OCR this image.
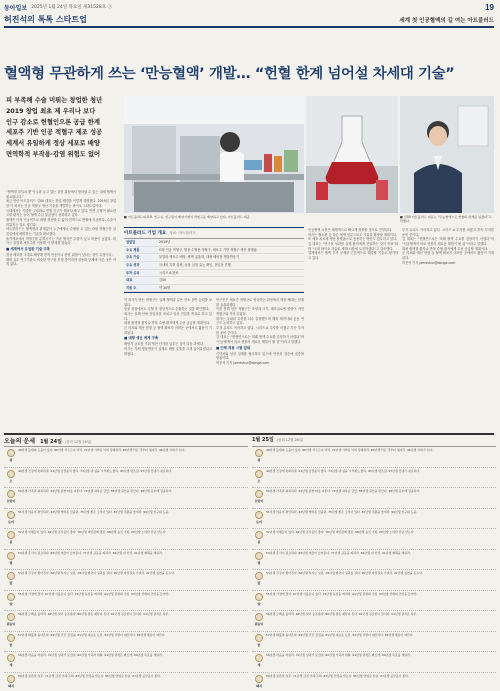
동아일보 2025년 1월 24일 목요일 제31528호 ⓐ	19
허진석의 톡톡 스타트업	세계 첫 인공혈액의 길 여는 아트블러드
혈액형 무관하게 쓰는 ‘만능혈액’ 개발… “헌혈 한계 넘어설 차세대 기술”

피 부족해 수술 미뤄는 창업한 청년

2019 창업 최초 제 우리나 보다

인구 감소로 헌혈인으론 공급 한계

세포주 기반 인공 적혈구 제조 성공

세계서 유일하게 정상 세포로 배양

면역학적 부작용·감염 위험도 없어

“혈액형 불일치 뿐 아니라 늘고 있는 감염 위험에서 벗어날 수 있는 대체 혈액이 필요합니다.”

최근 만난 아트블러드 김00 대표는 창업 배경을 이렇게 설명했다. 2019년 창업한 이 회사는 인공 적혈구 생산 기술을 개발하는 바이오 스타트업이다.

국내에서는 저출산·고령화로 헌혈 인구가 해마다 줄고 있다. 반면 수혈이 필요한 고령 환자는 늘어 혈액 수급 불균형이 심화되고 있다.

혈액은 아직 인공적으로 대량 생산할 수 없어 전적으로 헌혈에 의존한다. 수술이 미뤄지는 일도 생긴다.

아트블러드는 혈액형과 관계없이 누구에게나 수혈할 수 있는 O형 적혈구를 실험실에서 배양하는 기술을 확보했다.

줄기세포에서 적혈구를 분화시키는 기존 방식은 수율이 낮고 비용이 높았다. 회사는 불멸화 세포주를 이용해 이 한계를 넘었다.

■ 세계에서 유일한 기술 주목

정상 세포를 그대로 배양해 면역 반응이나 종양 위험이 낮다는 점이 특징이다.

해외 유수 연구기관도 비슷한 연구를 진행 중이지만 상용화 단계에 이른 곳은 아직 없다.

■ 아트블러드의 O.R. 연구실. 연구원이 배양기에서 적혈구를 배양하고 있다. 아트블러드 제공	■ 김00 아트블러드 대표는 “만능혈액으로 헌혈의 한계를 넘겠다”고 말했다.
아트블러드 기업 개요 자료: 아트블러드
설립일	2019년
주요 제품	O형 인공 적혈구, 범용 수혈용 적혈구, 세포주 기반 적혈구 생산 플랫폼
주요 기술	불멸화 세포주 배양, 탈핵 효율화, 대량 배양용 생물반응기
주요 성과	국내외 특허 출원, 동물 실험 효능 확인, 전임상 진행
투자 유치	시리즈 A 완료
대표	김00
직원 수	약 20명

이 회사가 만든 적혈구는 실제 혈액과 같은 산소 운반 능력을 보였다.

동물 실험에서도 수혈 후 정상적으로 순환하는 것을 확인했다.

회사는 올해 안에 전임상을 마치고 임상 진입을 목표로 하고 있다.

희귀 혈액형 환자나 반복 수혈 환자에게 우선 공급할 계획이다.

군 의료와 재난 현장 등 혈액 확보가 어려운 곳에서도 활용이 기대된다.

■ 대량 생산 체계 구축

배양기 규모를 키워 생산 단가를 낮추는 것이 다음 과제다.

회사는 자체 생물반응기 설계로 배양 효율을 크게 끌어올렸다고 밝혔다.

연구진은 세포가 적혈구로 성숙하는 과정에서 핵을 빼내는 단계를 효율화했다.

이를 통해 얻은 적혈구는 모양과 크기, 헤모글로빈 함량이 자연 적혈구와 거의 같았다.

회사는 국내외 특허를 다수 출원했으며 해외 제약사와 공동 연구도 논의하고 있다.

투자 유치도 이어지고 있다. 시리즈 A 투자를 마쳤고 후속 투자를 준비 중이다.

김 대표는 “헌혈만으로는 미래 혈액 수요를 감당하기 어렵다”며 “인공혈액이 의료 현장의 새로운 해법이 될 것”이라고 말했다.

■ 인체 적용 시험 앞둬

식약처와 임상 설계를 협의하고 있으며 안전성 검증에 집중할 방침이다.

허진석 기자 jameshur@donga.com

인공혈액 시장은 세계적으로 빠르게 성장할 것으로 전망된다.

회사는 혈소판 등 다른 혈액 성분으로도 기술을 확장할 계획이다.

또 세포 치료제 생산 플랫폼으로 응용하는 방안도 검토하고 있다.

김 대표는 “연구실 성과를 실제 환자에게 전달하는 것이 목표”라며 “국내 바이오 기술로 세계 시장에 도전하겠다”고 강조했다.

업계에서는 혈액 부족 문제를 근본적으로 해결할 기술로 평가하고 있다.

투자 유치도 이어지고 있다. 시리즈 A 투자를 마쳤고 후속 투자를 준비 중이다.

김 대표는 “헌혈만으로는 미래 혈액 수요를 감당하기 어렵다”며 “인공혈액이 의료 현장의 새로운 해법이 될 것”이라고 말했다.

희귀 혈액형 환자나 반복 수혈 환자에게 우선 공급할 계획이다.

군 의료와 재난 현장 등 혈액 확보가 어려운 곳에서도 활용이 기대된다.

허진석 기자 jameshur@donga.com

오늘의 운세 1월 24일 (음력 12월 25일)
쥐
48년생 뜻밖의 도움이 있다. 60년생 서두르지 마라. 72년생 가까운 이와 상의하라. 84년생 작은 것부터 챙겨라. 96년생 기회가 온다.
소
49년생 건강에 유의하라. 61년생 금전운이 좋다. 73년생 새 일을 시작해도 좋다. 85년생 말조심. 97년생 인내가 필요하다.
호랑이
50년생 가족과 화목하다. 62년생 뜻한 바를 이룬다. 74년생 과욕은 금물. 86년생 귀인을 만난다. 98년생 공부에 집중하라.
토끼
51년생 마음이 편안하다. 63년생 계약은 신중히. 75년생 좋은 소식이 있다. 87년생 지출을 줄여라. 99년생 친구의 도움.
용
52년생 여행운이 있다. 64년생 문서운이 좋다. 76년생 대인관계 원만. 88년생 승진 기회. 00년생 노력한 만큼 얻는다.
뱀
53년생 휴식이 필요하다. 65년생 재물이 들어온다. 77년생 갈등을 피하라. 89년생 새 인연. 01년생 계획을 세워라.
말
54년생 건강이 좋아진다. 66년생 투자는 보류. 78년생 협력이 성과를 낸다. 90년생 자신감을 가져라. 02년생 칭찬을 듣는다.
양
55년생 가정에 경사. 67년생 이동운이 있다. 79년생 욕심을 버려라. 91년생 뜻밖의 수입. 03년생 선배의 조언을 들어라.
원숭이
56년생 오해를 풀어라. 68년생 일이 순조롭다. 80년생 좋은 제안이 온다. 92년생 꾸준함이 답이다. 04년생 즐거운 하루.
닭
57년생 베풀면 돌아온다. 69년생 건강 검진을. 81년생 새로운 도전. 93년생 사람이 재산이다. 05년생 행운이 따른다.
개
58년생 마음을 비워라. 70년생 성과가 보인다. 82년생 가족과 대화. 94년생 결정은 빠르게. 06년생 목표를 세워라.
돼지
59년생 평온한 하루. 71년생 금전 거래 주의. 83년생 인정을 받는다. 95년생 연애운 상승. 07년생 공부운이 좋다.
1월 25일 (음력 12월 26일)
쥐
48년생 뜻밖의 도움이 있다. 60년생 서두르지 마라. 72년생 가까운 이와 상의하라. 84년생 작은 것부터 챙겨라. 96년생 기회가 온다.
소
49년생 건강에 유의하라. 61년생 금전운이 좋다. 73년생 새 일을 시작해도 좋다. 85년생 말조심. 97년생 인내가 필요하다.
호랑이
50년생 가족과 화목하다. 62년생 뜻한 바를 이룬다. 74년생 과욕은 금물. 86년생 귀인을 만난다. 98년생 공부에 집중하라.
토끼
51년생 마음이 편안하다. 63년생 계약은 신중히. 75년생 좋은 소식이 있다. 87년생 지출을 줄여라. 99년생 친구의 도움.
용
52년생 여행운이 있다. 64년생 문서운이 좋다. 76년생 대인관계 원만. 88년생 승진 기회. 00년생 노력한 만큼 얻는다.
뱀
53년생 휴식이 필요하다. 65년생 재물이 들어온다. 77년생 갈등을 피하라. 89년생 새 인연. 01년생 계획을 세워라.
말
54년생 건강이 좋아진다. 66년생 투자는 보류. 78년생 협력이 성과를 낸다. 90년생 자신감을 가져라. 02년생 칭찬을 듣는다.
양
55년생 가정에 경사. 67년생 이동운이 있다. 79년생 욕심을 버려라. 91년생 뜻밖의 수입. 03년생 선배의 조언을 들어라.
원숭이
56년생 오해를 풀어라. 68년생 일이 순조롭다. 80년생 좋은 제안이 온다. 92년생 꾸준함이 답이다. 04년생 즐거운 하루.
닭
57년생 베풀면 돌아온다. 69년생 건강 검진을. 81년생 새로운 도전. 93년생 사람이 재산이다. 05년생 행운이 따른다.
개
58년생 마음을 비워라. 70년생 성과가 보인다. 82년생 가족과 대화. 94년생 결정은 빠르게. 06년생 목표를 세워라.
돼지
59년생 평온한 하루. 71년생 금전 거래 주의. 83년생 인정을 받는다. 95년생 연애운 상승. 07년생 공부운이 좋다.
